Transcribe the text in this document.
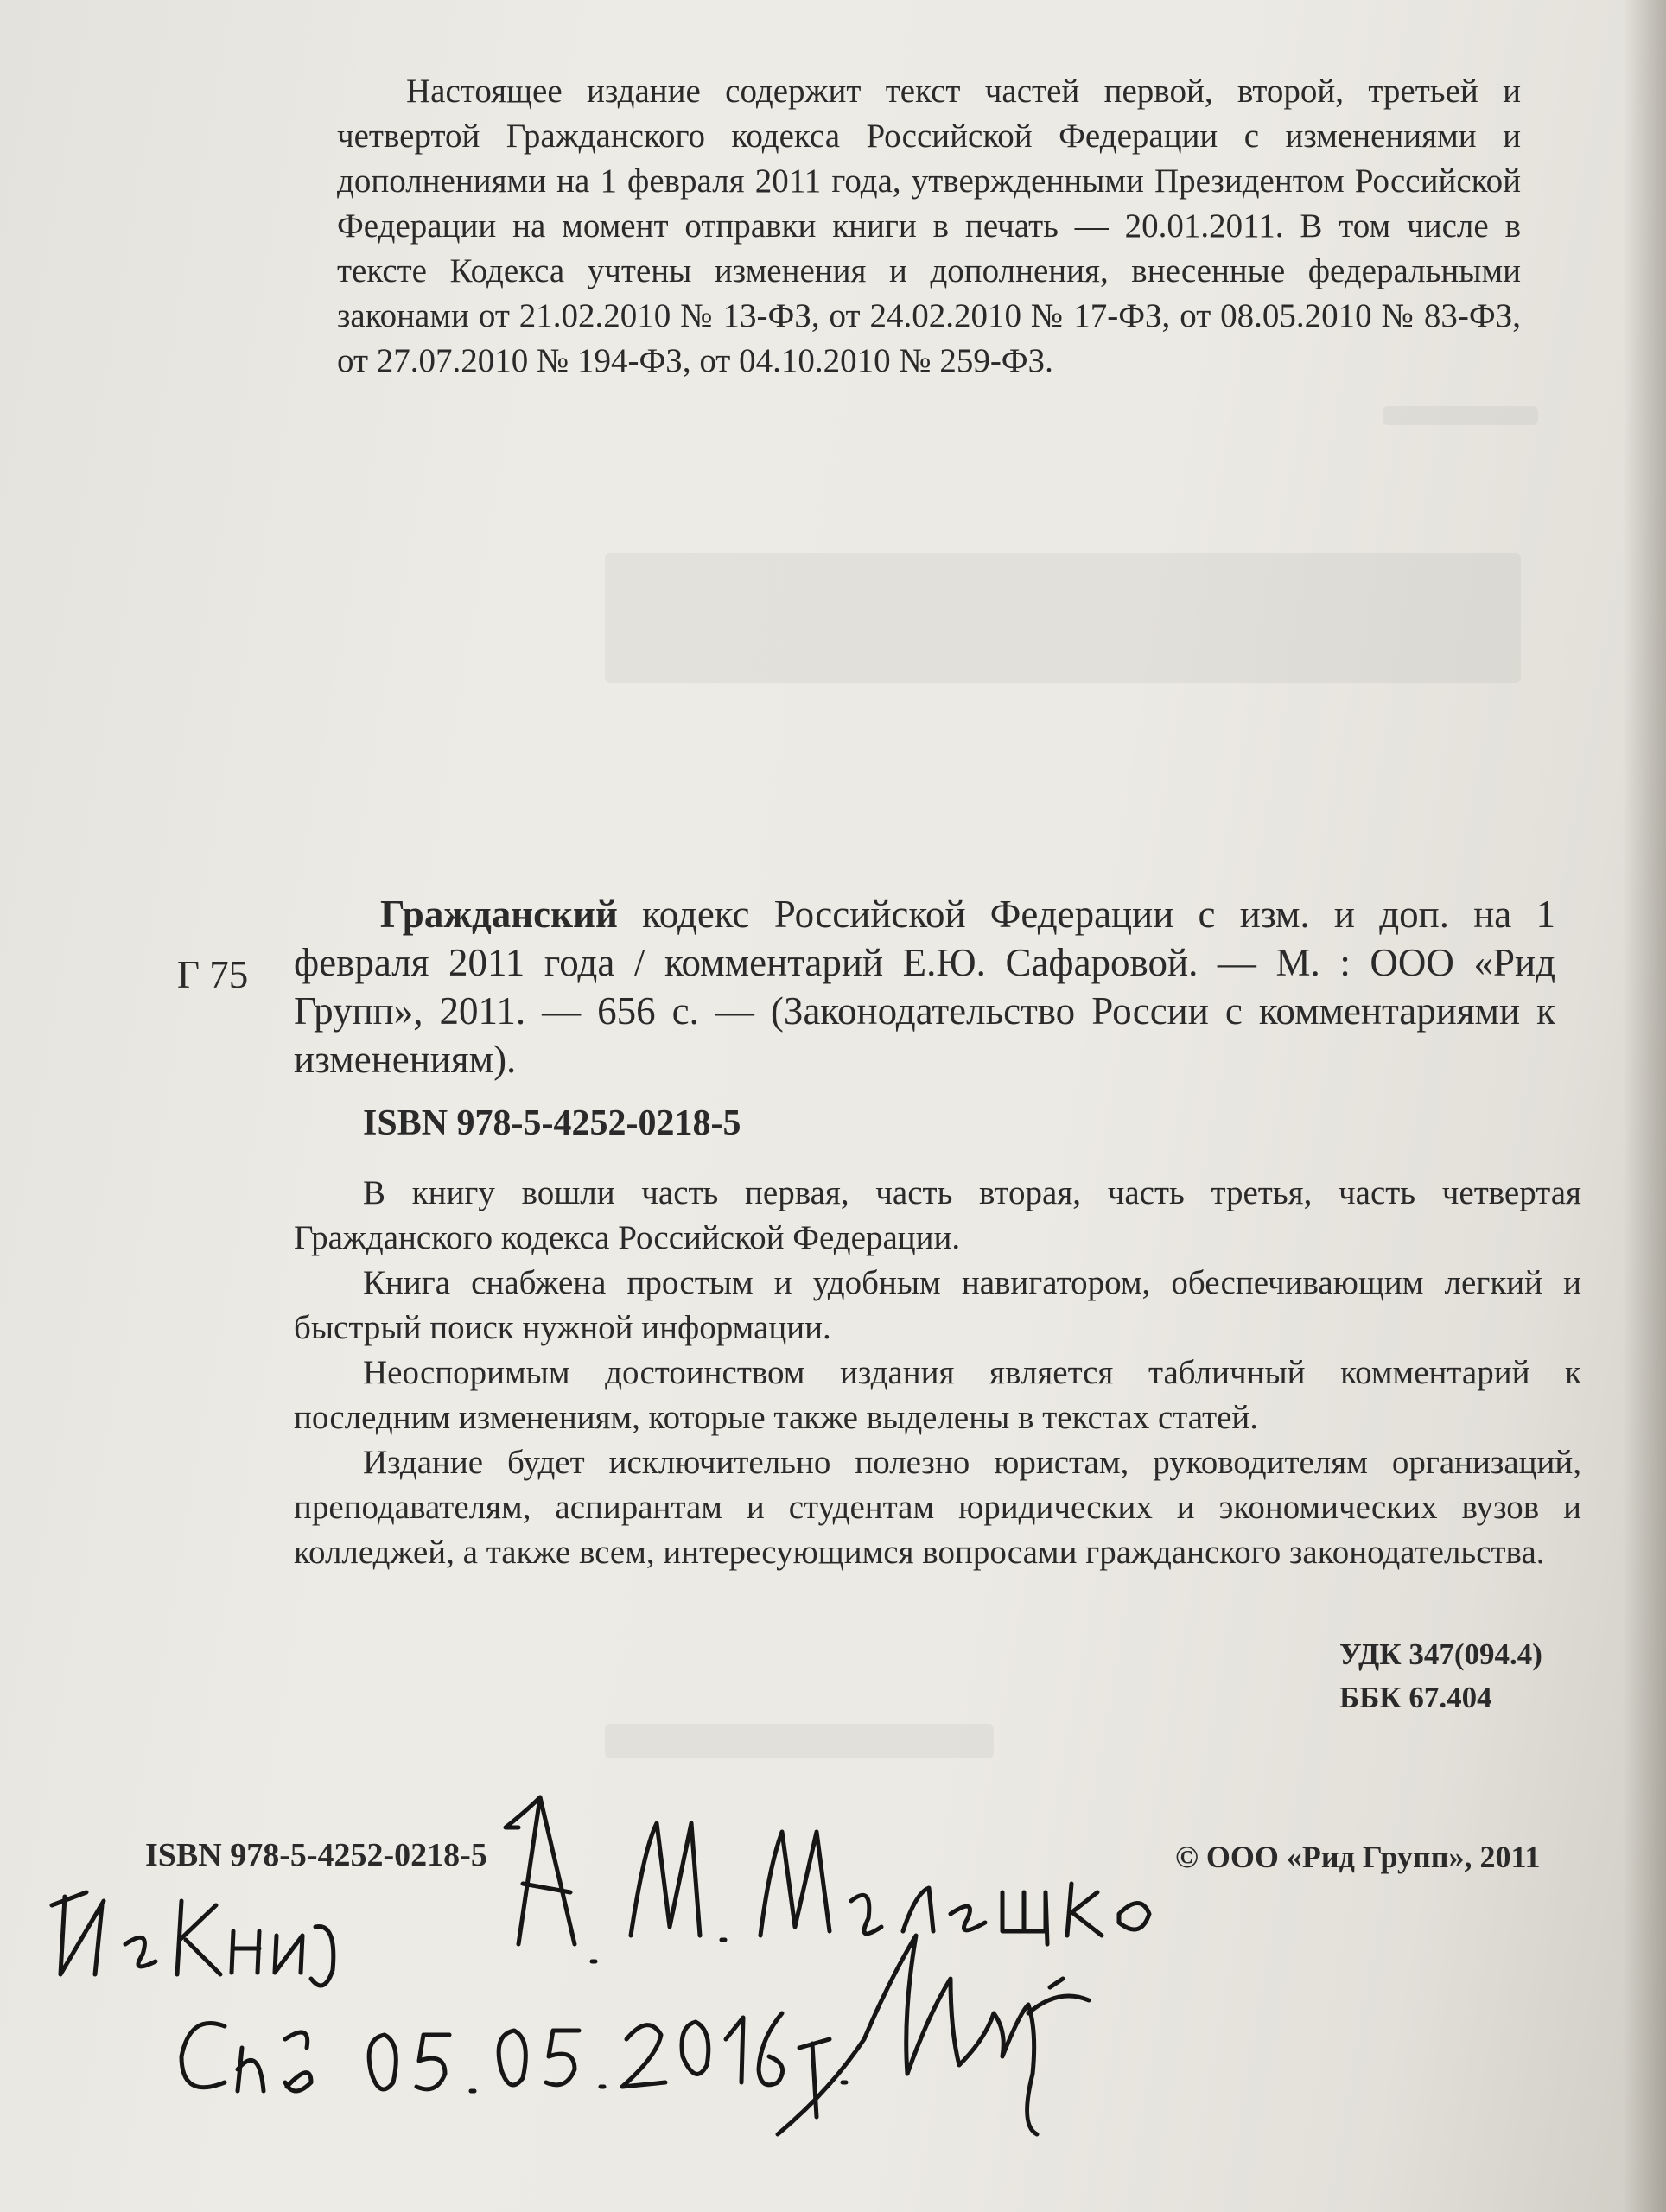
Настоящее издание содержит текст частей первой, второй, третьей и четвертой Гражданского кодекса Российской Федерации с изменениями и дополнениями на 1 февраля 2011 года, утвержденными Президентом Российской Федерации на момент отправки книги в печать — 20.01.2011. В том числе в тексте Кодекса учтены изменения и дополнения, внесенные федеральными законами от 21.02.2010 № 13-ФЗ, от 24.02.2010 № 17-ФЗ, от 08.05.2010 № 83-ФЗ, от 27.07.2010 № 194-ФЗ, от 04.10.2010 № 259-ФЗ.

Г 75

Гражданский кодекс Российской Федерации с изм. и доп. на 1 февраля 2011 года / комментарий Е.Ю. Сафаровой. — М. : ООО «Рид Групп», 2011. — 656 с. — (Законодательство России с комментариями к изменениям).

ISBN 978-5-4252-0218-5

В книгу вошли часть первая, часть вторая, часть третья, часть четвертая Гражданского кодекса Российской Федерации.

Книга снабжена простым и удобным навигатором, обеспечивающим легкий и быстрый поиск нужной информации.

Неоспоримым достоинством издания является табличный комментарий к последним изменениям, которые также выделены в текстах статей.

Издание будет исключительно полезно юристам, руководителям организаций, преподавателям, аспирантам и студентам юридических и экономических вузов и колледжей, а также всем, интересующимся вопросами гражданского законодательства.

УДК 347(094.4)
ББК 67.404
ISBN 978-5-4252-0218-5	© ООО «Рид Групп», 2011
